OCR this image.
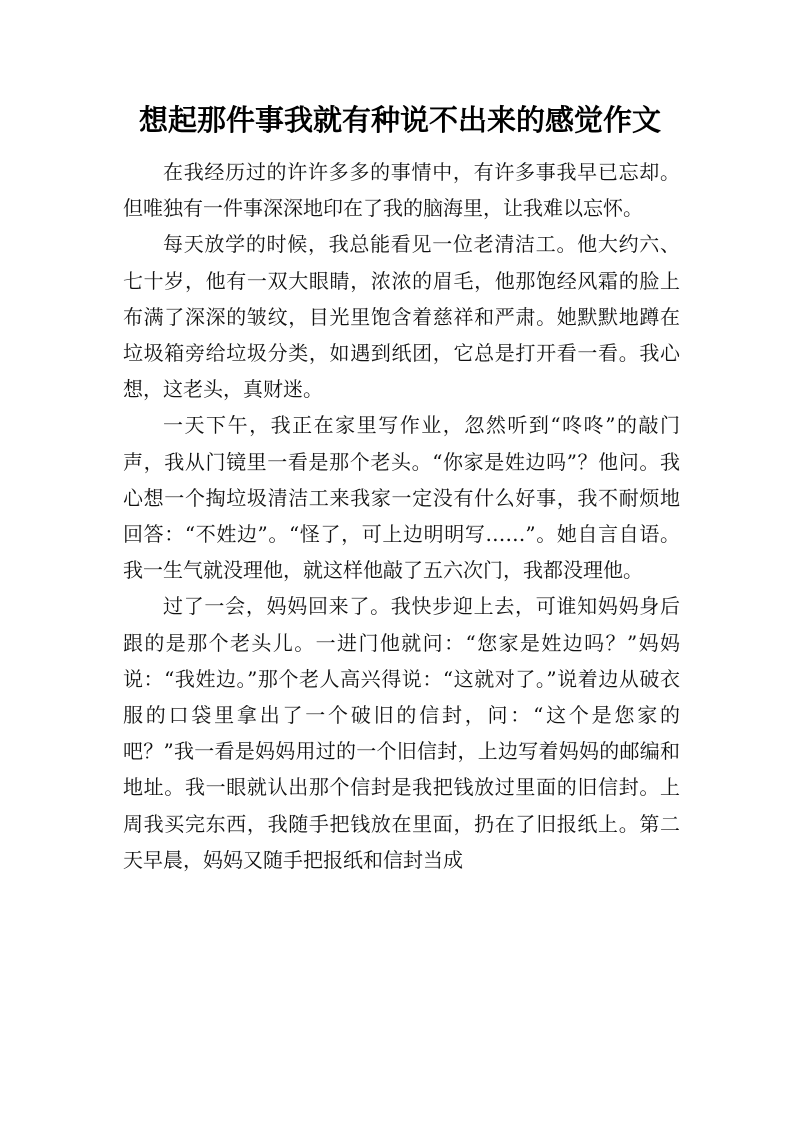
想起那件事我就有种说不出来的感觉作文

在我经历过的许许多多的事情中，有许多事我早已忘却。但唯独有一件事深深地印在了我的脑海里，让我难以忘怀。

每天放学的时候，我总能看见一位老清洁工。他大约六、七十岁，他有一双大眼睛，浓浓的眉毛，他那饱经风霜的脸上布满了深深的皱纹，目光里饱含着慈祥和严肃。她默默地蹲在垃圾箱旁给垃圾分类，如遇到纸团，它总是打开看一看。我心想，这老头，真财迷。

一天下午，我正在家里写作业，忽然听到“咚咚”的敲门声，我从门镜里一看是那个老头。“你家是姓边吗”？他问。我心想一个掏垃圾清洁工来我家一定没有什么好事，我不耐烦地回答：“不姓边”。“怪了，可上边明明写……”。她自言自语。我一生气就没理他，就这样他敲了五六次门，我都没理他。

过了一会，妈妈回来了。我快步迎上去，可谁知妈妈身后跟的是那个老头儿。一进门他就问：“您家是姓边吗？”妈妈说：“我姓边。”那个老人高兴得说：“这就对了。”说着边从破衣服的口袋里拿出了一个破旧的信封，问：“这个是您家的吧？”我一看是妈妈用过的一个旧信封，上边写着妈妈的邮编和地址。我一眼就认出那个信封是我把钱放过里面的旧信封。上周我买完东西，我随手把钱放在里面，扔在了旧报纸上。第二天早晨，妈妈又随手把报纸和信封当成
